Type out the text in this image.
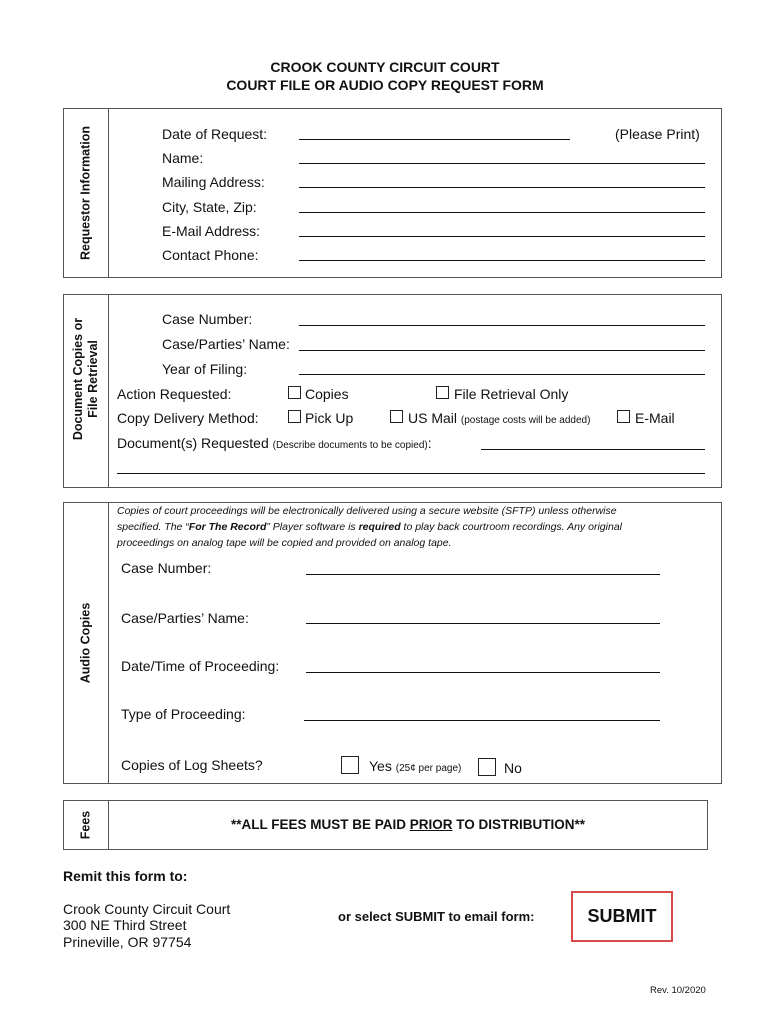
CROOK COUNTY CIRCUIT COURT
COURT FILE OR AUDIO COPY REQUEST FORM
Requestor Information	Date of Request:	(Please Print)
Name:
Mailing Address:
City, State, Zip:
E-Mail Address:
Contact Phone:
Document Copies or File Retrieval
Case Number:
Case/Parties’ Name:
Year of Filing:
Action Requested:	Copies	File Retrieval Only
Copy Delivery Method:	Pick Up	US Mail (postage costs will be added)	E-Mail
Document(s) Requested (Describe documents to be copied):
Audio Copies
Copies of court proceedings will be electronically delivered using a secure website (SFTP) unless otherwise
specified. The “For The Record” Player software is required to play back courtroom recordings. Any original
proceedings on analog tape will be copied and provided on analog tape.
Case Number:
Case/Parties’ Name:
Date/Time of Proceeding:
Type of Proceeding:
Copies of Log Sheets?	Yes (25¢ per page)	No
Fees	**ALL FEES MUST BE PAID PRIOR TO DISTRIBUTION**
Remit this form to:
Crook County Circuit Court
300 NE Third Street
Prineville, OR 97754
or select SUBMIT to email form:	SUBMIT
Rev. 10/2020
